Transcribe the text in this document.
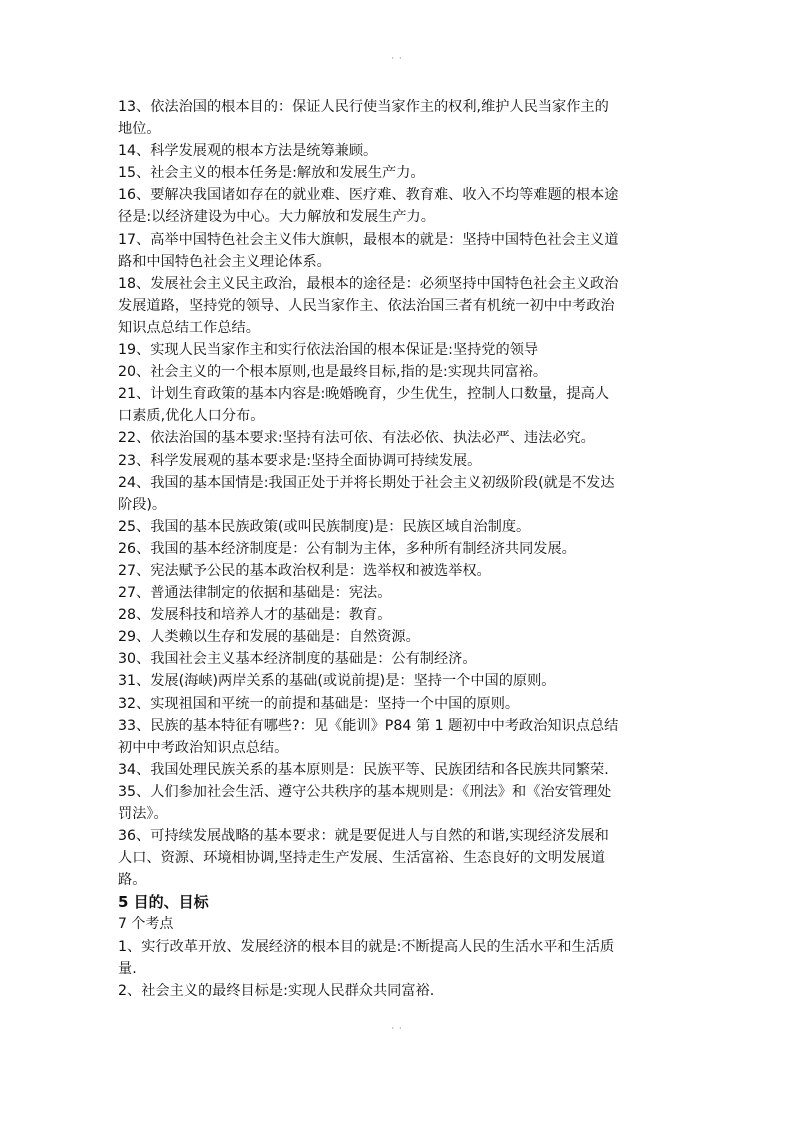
· ·
13、依法治国的根本目的：保证人民行使当家作主的权利,维护人民当家作主的
地位。
14、科学发展观的根本方法是统筹兼顾。
15、社会主义的根本任务是:解放和发展生产力。
16、要解决我国诸如存在的就业难、医疗难、教育难、收入不均等难题的根本途
径是:以经济建设为中心。大力解放和发展生产力。
17、高举中国特色社会主义伟大旗帜，最根本的就是：坚持中国特色社会主义道
路和中国特色社会主义理论体系。
18、发展社会主义民主政治，最根本的途径是：必须坚持中国特色社会主义政治
发展道路，坚持党的领导、人民当家作主、依法治国三者有机统一初中中考政治
知识点总结工作总结。
19、实现人民当家作主和实行依法治国的根本保证是:坚持党的领导
20、社会主义的一个根本原则,也是最终目标,指的是:实现共同富裕。
21、计划生育政策的基本内容是:晚婚晚育，少生优生，控制人口数量，提高人
口素质,优化人口分布。
22、依法治国的基本要求:坚持有法可依、有法必依、执法必严、违法必究。
23、科学发展观的基本要求是:坚持全面协调可持续发展。
24、我国的基本国情是:我国正处于并将长期处于社会主义初级阶段(就是不发达
阶段)。
25、我国的基本民族政策(或叫民族制度)是：民族区域自治制度。
26、我国的基本经济制度是：公有制为主体，多种所有制经济共同发展。
27、宪法赋予公民的基本政治权利是：选举权和被选举权。
27、普通法律制定的依据和基础是：宪法。
28、发展科技和培养人才的基础是：教育。
29、人类赖以生存和发展的基础是：自然资源。
30、我国社会主义基本经济制度的基础是：公有制经济。
31、发展(海峡)两岸关系的基础(或说前提)是：坚持一个中国的原则。
32、实现祖国和平统一的前提和基础是：坚持一个中国的原则。
33、民族的基本特征有哪些?：见《能训》P84 第 1 题初中中考政治知识点总结
初中中考政治知识点总结。
34、我国处理民族关系的基本原则是：民族平等、民族团结和各民族共同繁荣.
35、人们参加社会生活、遵守公共秩序的基本规则是：《刑法》和《治安管理处
罚法》。
36、可持续发展战略的基本要求：就是要促进人与自然的和谐,实现经济发展和
人口、资源、环境相协调,坚持走生产发展、生活富裕、生态良好的文明发展道
路。
5 目的、目标
7 个考点
1、实行改革开放、发展经济的根本目的就是:不断提高人民的生活水平和生活质
量.
2、社会主义的最终目标是:实现人民群众共同富裕.
· ·
